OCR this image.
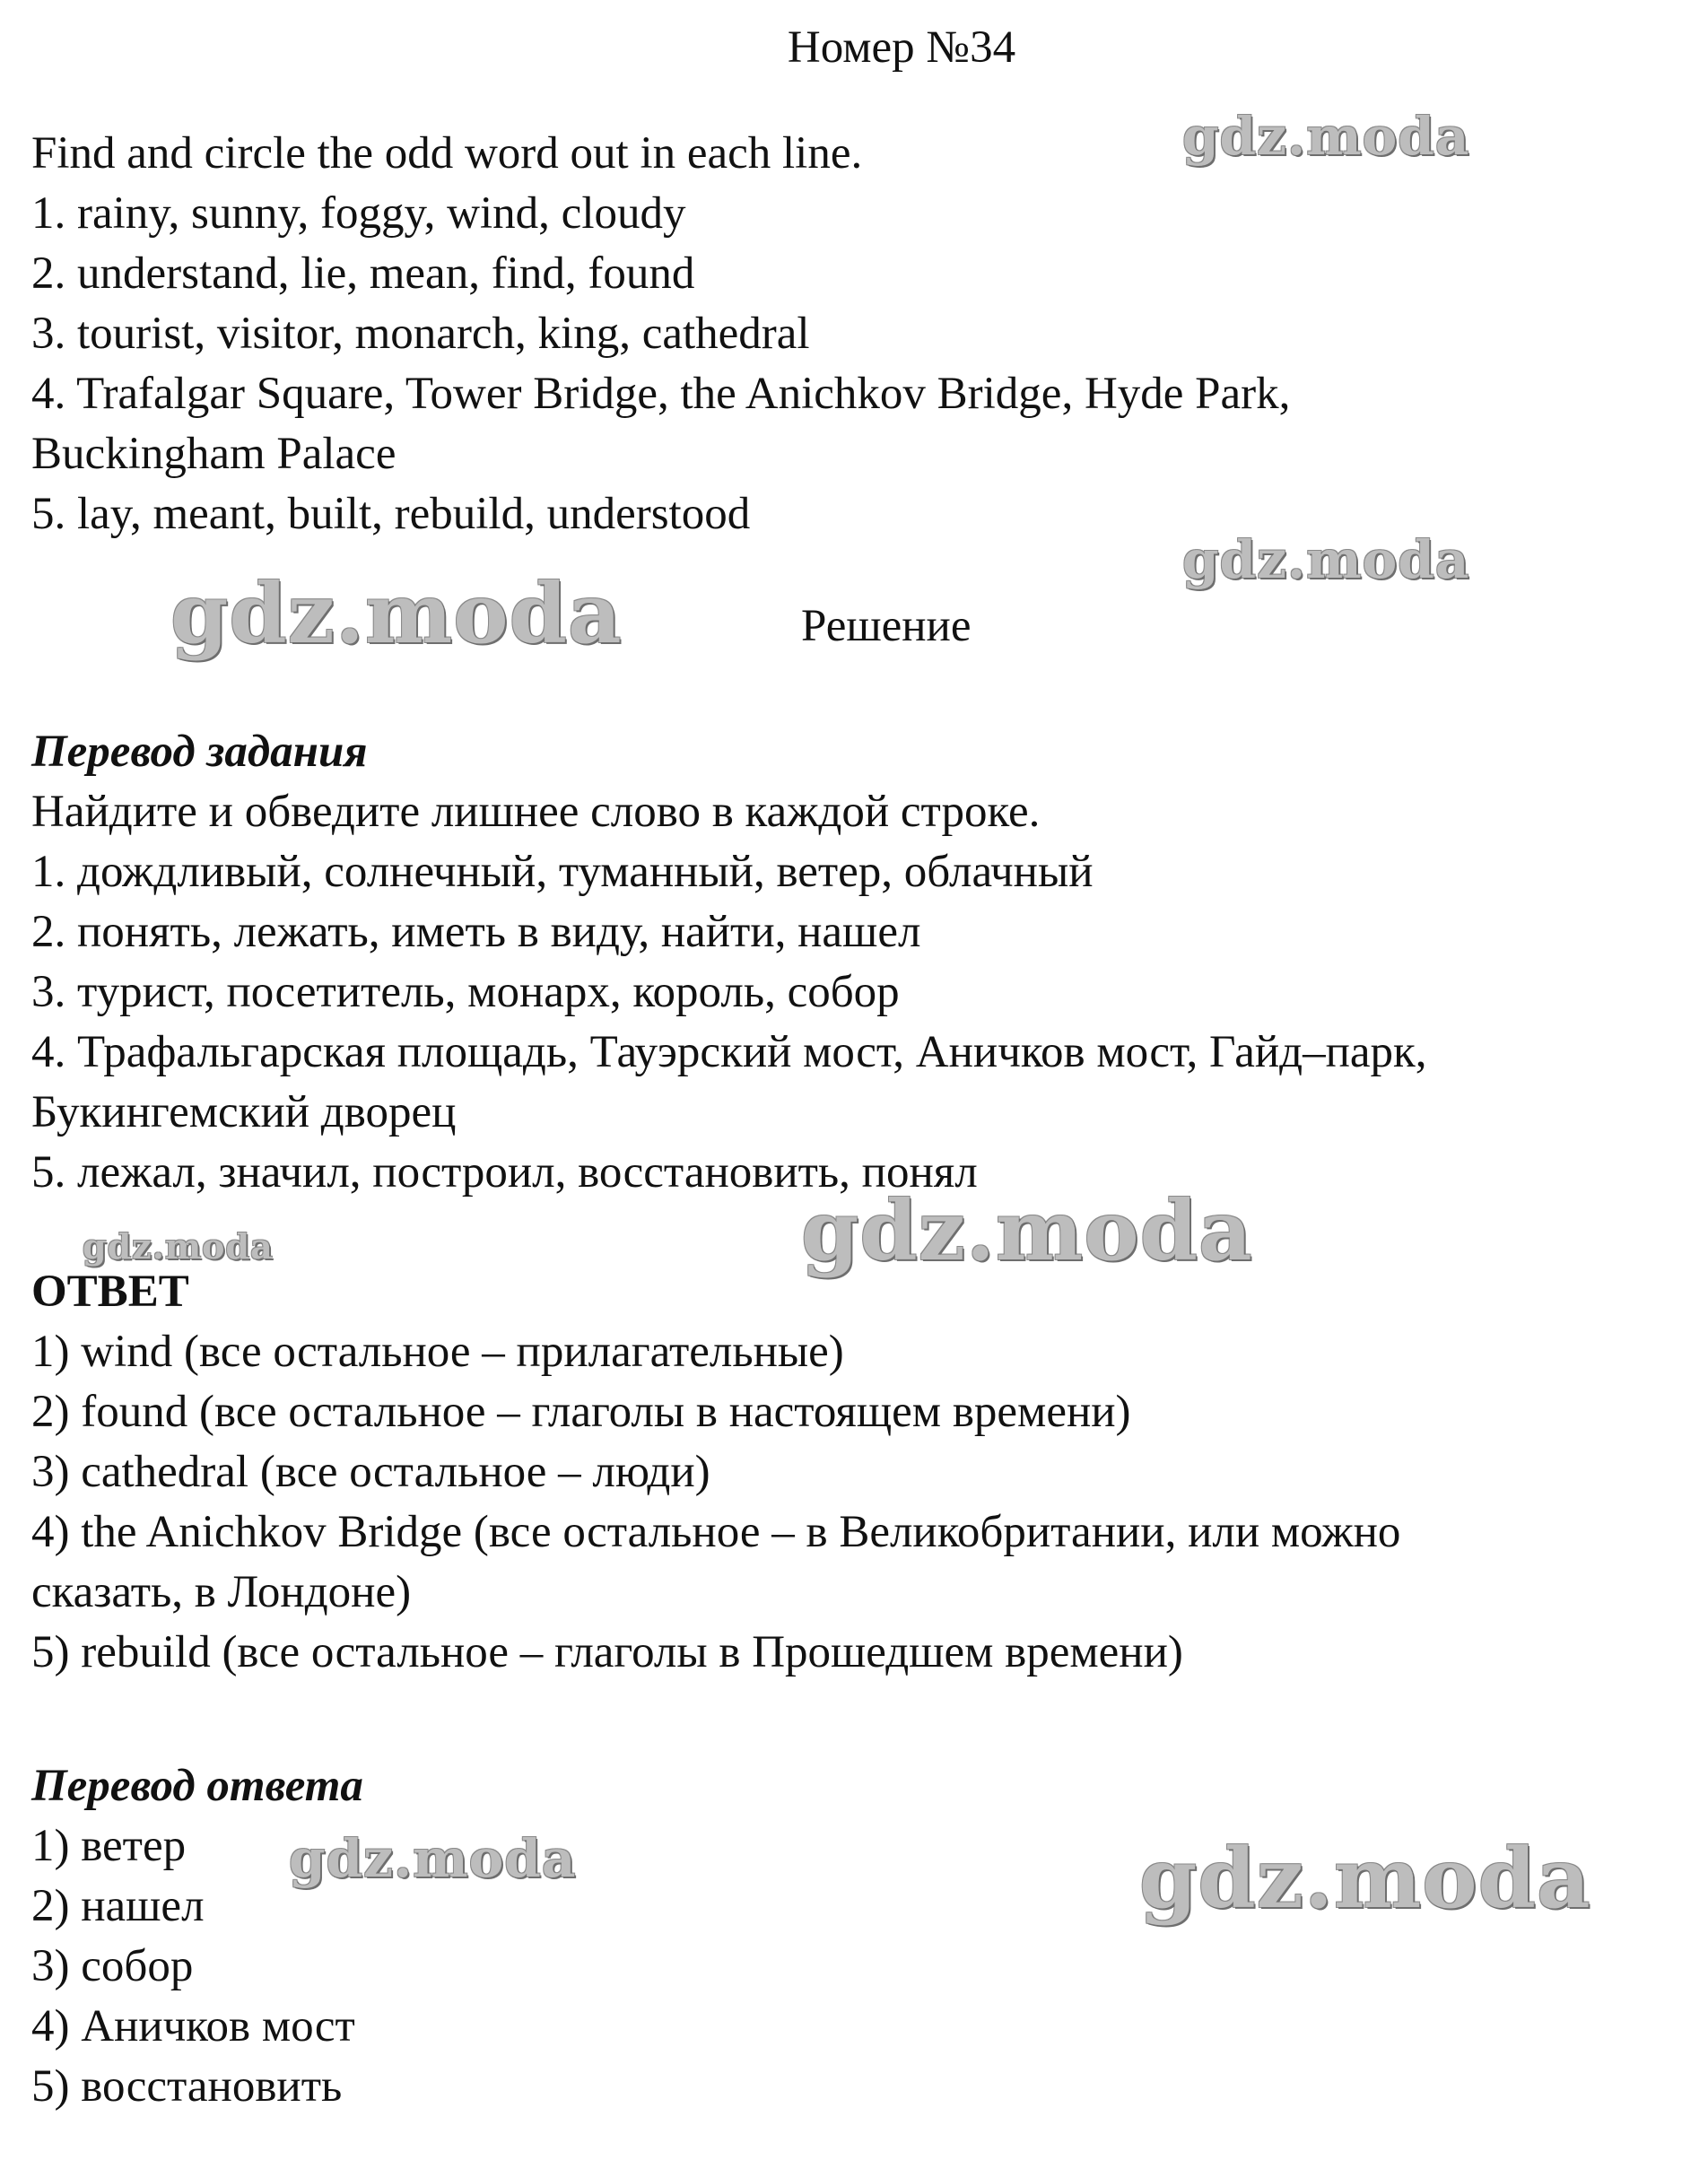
Номер №34
Find and circle the odd word out in each line.
1. rainy, sunny, foggy, wind, cloudy
2. understand, lie, mean, find, found
3. tourist, visitor, monarch, king, cathedral
4. Trafalgar Square, Tower Bridge, the Anichkov Bridge, Hyde Park,
Buckingham Palace
5. lay, meant, built, rebuild, understood
Решение
Перевод задания
Найдите и обведите лишнее слово в каждой строке.
1. дождливый, солнечный, туманный, ветер, облачный
2. понять, лежать, иметь в виду, найти, нашел
3. турист, посетитель, монарх, король, собор
4. Трафальгарская площадь, Тауэрский мост, Аничков мост, Гайд–парк,
Букингемский дворец
5. лежал, значил, построил, восстановить, понял
ОТВЕТ
1) wind (все остальное – прилагательные)
2) found (все остальное – глаголы в настоящем времени)
3) cathedral (все остальное – люди)
4) the Anichkov Bridge (все остальное – в Великобритании, или можно
сказать, в Лондоне)
5) rebuild (все остальное – глаголы в Прошедшем времени)
Перевод ответа
1) ветер
2) нашел
3) собор
4) Аничков мост
5) восстановить
gdz.moda
gdz.moda
gdz.moda
gdz.moda	gdz.moda
gdz.moda	gdz.moda
